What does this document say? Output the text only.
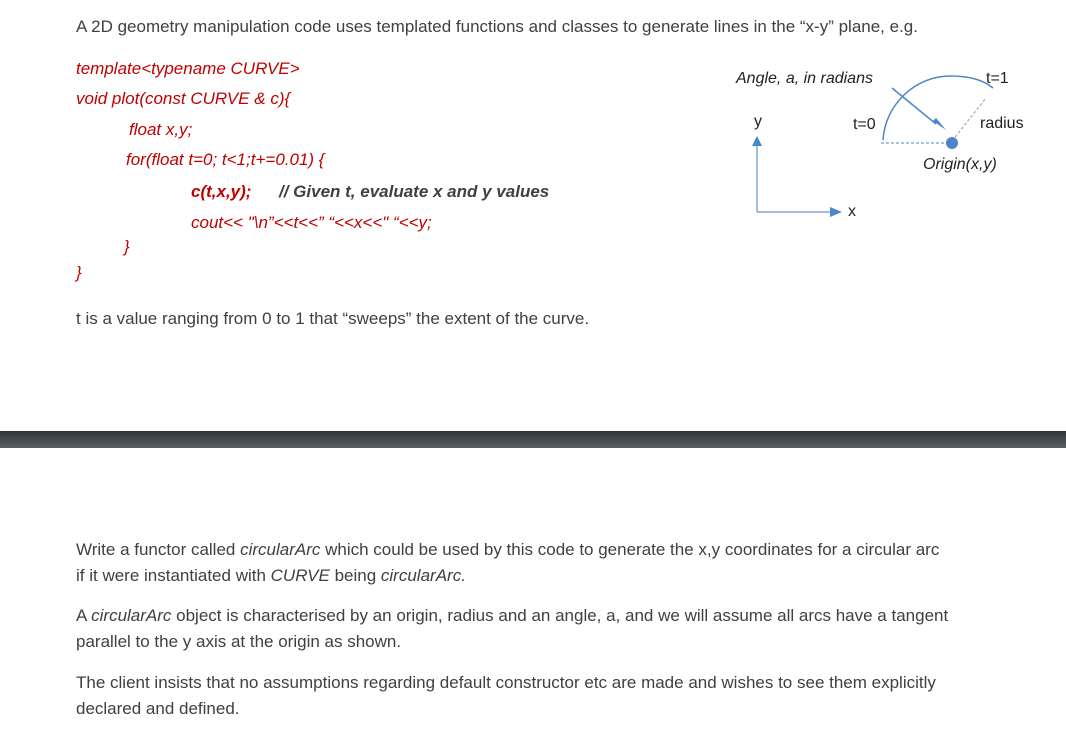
A 2D geometry manipulation code uses templated functions and classes to generate lines in the “x-y” plane, e.g.
template<typename CURVE>
void plot(const CURVE & c){
float x,y;
for(float t=0; t<1;t+=0.01) {
c(t,x,y); // Given t, evaluate x and y values
cout<< "\n”<<t<<” “<<x<<" “<<y;
}
}
t is a value ranging from 0 to 1 that “sweeps” the extent of the curve.
Angle, a, in radians	t=1
y	t=0	radius
Origin(x,y)
x
Write a functor called circularArc which could be used by this code to generate the x,y coordinates for a circular arc
if it were instantiated with CURVE being circularArc.
A circularArc object is characterised by an origin, radius and an angle, a, and we will assume all arcs have a tangent
parallel to the y axis at the origin as shown.
The client insists that no assumptions regarding default constructor etc are made and wishes to see them explicitly
declared and defined.
